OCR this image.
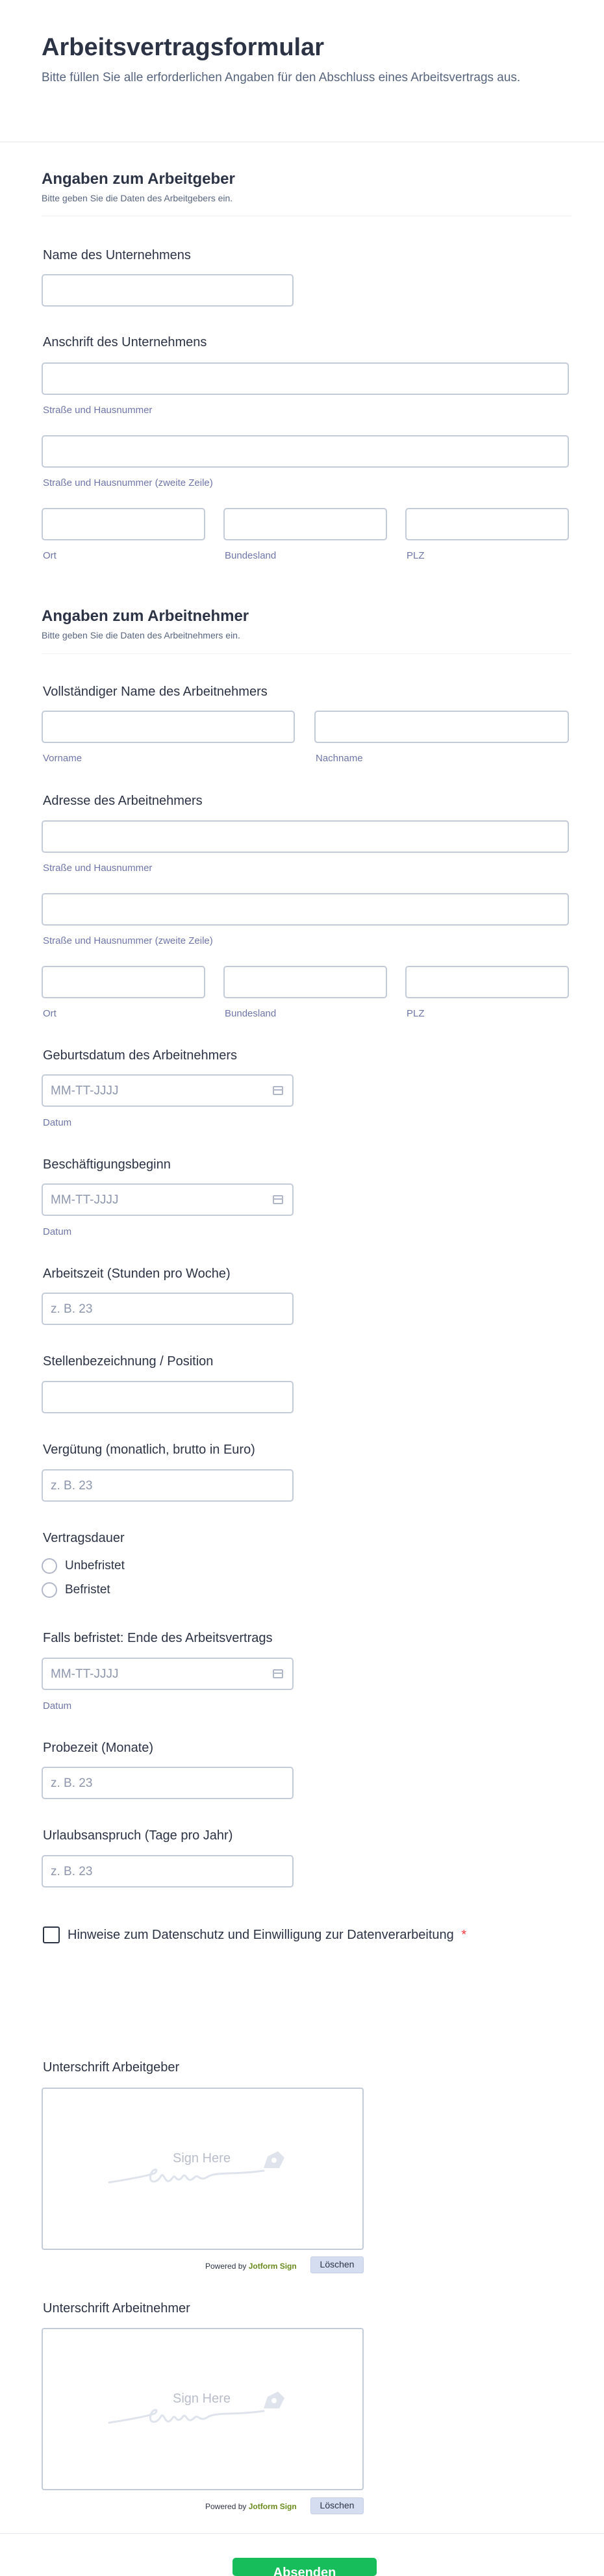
Arbeitsvertragsformular
Bitte füllen Sie alle erforderlichen Angaben für den Abschluss eines Arbeitsvertrags aus.
Angaben zum Arbeitgeber
Bitte geben Sie die Daten des Arbeitgebers ein.
Name des Unternehmens
Anschrift des Unternehmens
Straße und Hausnummer
Straße und Hausnummer (zweite Zeile)
Ort	Bundesland	PLZ
Angaben zum Arbeitnehmer
Bitte geben Sie die Daten des Arbeitnehmers ein.
Vollständiger Name des Arbeitnehmers
Vorname	Nachname
Adresse des Arbeitnehmers
Straße und Hausnummer
Straße und Hausnummer (zweite Zeile)
Ort	Bundesland	PLZ
Geburtsdatum des Arbeitnehmers
MM-TT-JJJJ
Datum
Beschäftigungsbeginn
MM-TT-JJJJ
Datum
Arbeitszeit (Stunden pro Woche)
z. B. 23
Stellenbezeichnung / Position
Vergütung (monatlich, brutto in Euro)
z. B. 23
Vertragsdauer
Unbefristet
Befristet
Falls befristet: Ende des Arbeitsvertrags
MM-TT-JJJJ
Datum
Probezeit (Monate)
z. B. 23
Urlaubsanspruch (Tage pro Jahr)
z. B. 23
Hinweise zum Datenschutz und Einwilligung zur Datenverarbeitung *
Unterschrift Arbeitgeber
Sign Here
Powered by Jotform Sign	Löschen
Unterschrift Arbeitnehmer
Sign Here
Powered by Jotform Sign	Löschen
Absenden
